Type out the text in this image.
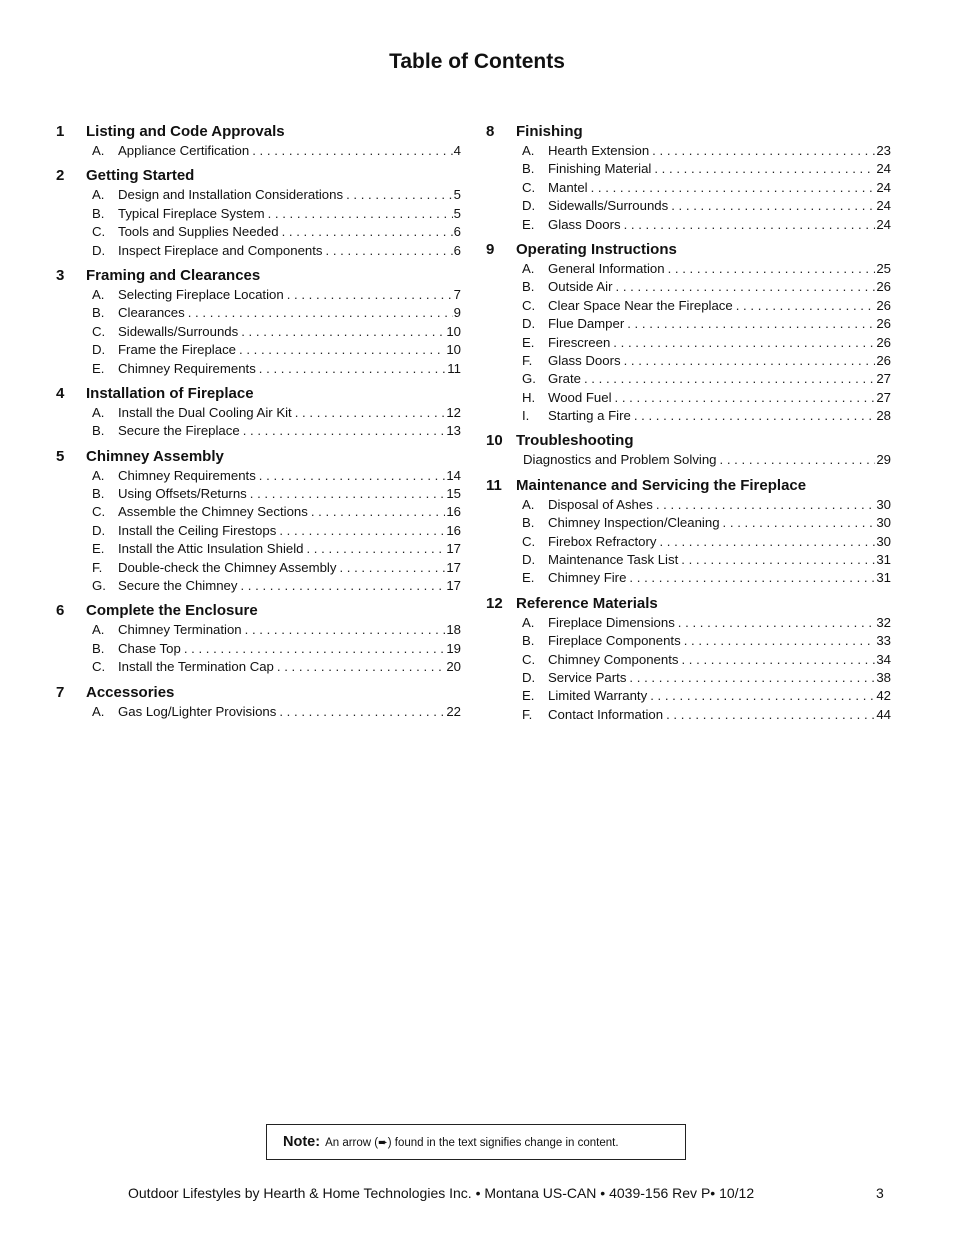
Table of Contents
1	Listing and Code Approvals
A.	Appliance Certification . . .	4
2	Getting Started
A.	Design and Installation Considerations . . .	5
B.	Typical Fireplace System . . .	5
C. Tools and Supplies Needed . . .	6
D. Inspect Fireplace and Components . . .	6
3	Framing and Clearances
A.	Selecting Fireplace Location . . .	7
B.	Clearances . . .	9
C. Sidewalls/Surrounds . . .	10
D. Frame the Fireplace . . .	10
E.	Chimney Requirements . . .	11
4	Installation of Fireplace
A.	Install the Dual Cooling Air Kit . . .	12
B.	Secure the Fireplace . . .	13
5	Chimney Assembly
A.	Chimney Requirements . . .	14
B.	Using Offsets/Returns . . .	15
C. Assemble the Chimney Sections . . .	16
D. Install the Ceiling Firestops . . .	16
E.	Install the Attic Insulation Shield . . .	17
F.	Double-check the Chimney Assembly . . .	17
G. Secure the Chimney . . .	17
6	Complete the Enclosure
A.	Chimney Termination . . .	18
B.	Chase Top . . .	19
C. Install the Termination Cap . . .	20
7	Accessories
A.	Gas Log/Lighter Provisions . . .	22
8	Finishing
A.	Hearth Extension . . .	23
B.	Finishing Material . . .	24
C. Mantel . . .	24
D. Sidewalls/Surrounds . . .	24
E.	Glass Doors . . .	24
9	Operating Instructions
A.	General Information . . .	25
B.	Outside Air . . .	26
C. Clear Space Near the Fireplace . . .	26
D. Flue Damper . . .	26
E.	Firescreen . . .	26
F.	Glass Doors . . .	26
G. Grate . . .	27
H. Wood Fuel . . .	27
I.	Starting a Fire . . .	28
10 Troubleshooting
Diagnostics and Problem Solving . . .	29
11 Maintenance and Servicing the Fireplace
A.	Disposal of Ashes . . .	30
B.	Chimney Inspection/Cleaning . . .	30
C. Firebox Refractory . . .	30
D. Maintenance Task List . . .	31
E.	Chimney Fire . . .	31
12 Reference Materials
A.	Fireplace Dimensions . . .	32
B.	Fireplace Components . . .	33
C. Chimney Components . . .	34
D. Service Parts . . .	38
E.	Limited Warranty . . .	42
F.	Contact Information . . .	44
Note: An arrow (➨) found in the text signifies change in content.
Outdoor Lifestyles by Hearth & Home Technologies Inc. • Montana US-CAN • 4039-156 Rev P• 10/12	3
